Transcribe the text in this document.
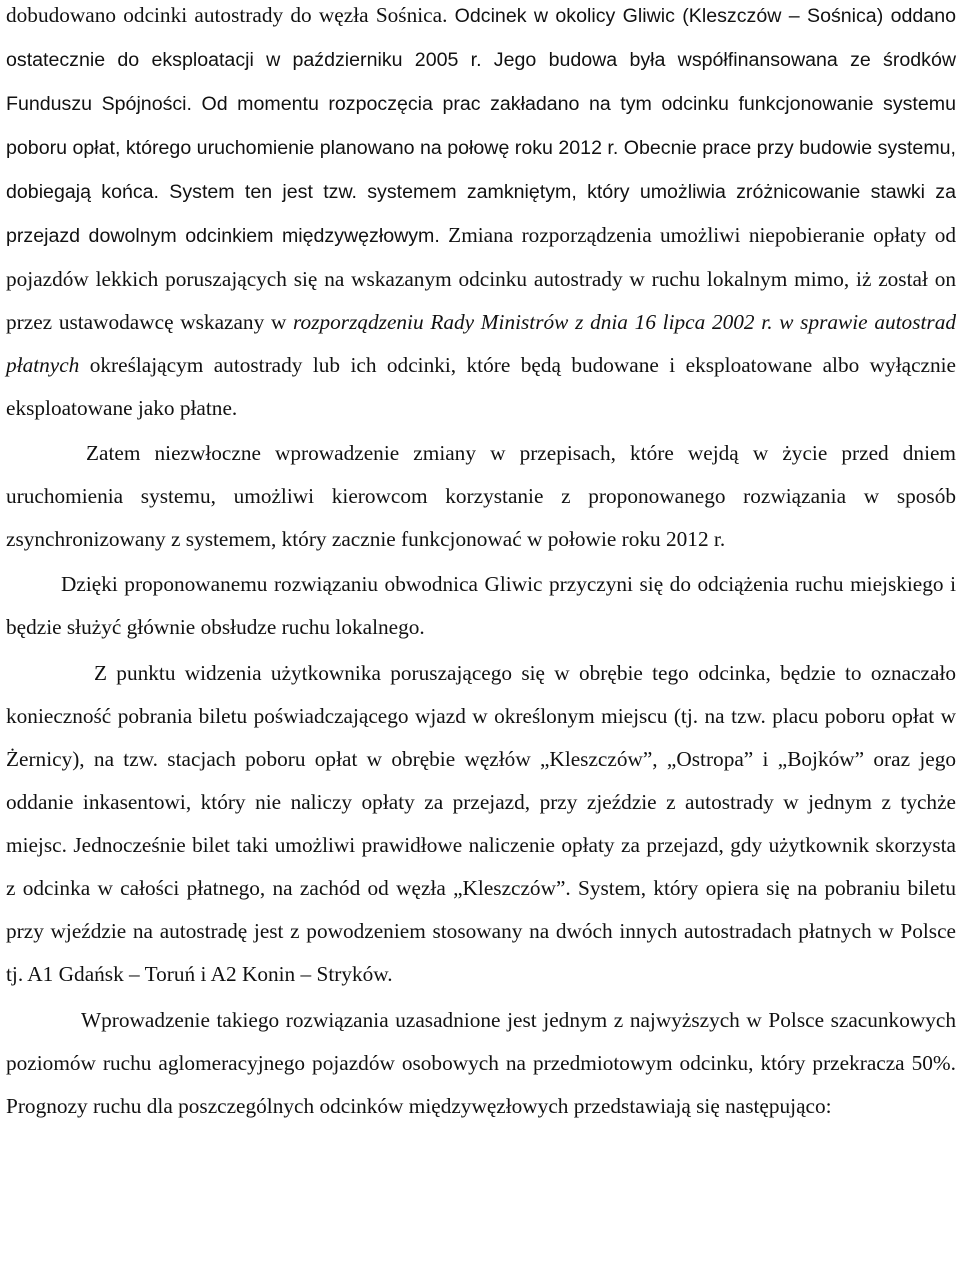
dobudowano odcinki autostrady do węzła Sośnica. Odcinek w okolicy Gliwic (Kleszczów – Sośnica) oddano ostatecznie do eksploatacji w październiku 2005 r. Jego budowa była współfinansowana ze środków Funduszu Spójności. Od momentu rozpoczęcia prac zakładano na tym odcinku funkcjonowanie systemu poboru opłat, którego uruchomienie planowano na połowę roku 2012 r. Obecnie prace przy budowie systemu, dobiegają końca. System ten jest tzw. systemem zamkniętym, który umożliwia zróżnicowanie stawki za przejazd dowolnym odcinkiem międzywęzłowym. Zmiana rozporządzenia umożliwi niepobieranie opłaty od pojazdów lekkich poruszających się na wskazanym odcinku autostrady w ruchu lokalnym mimo, iż został on przez ustawodawcę wskazany w rozporządzeniu Rady Ministrów z dnia 16 lipca 2002 r. w sprawie autostrad płatnych określającym autostrady lub ich odcinki, które będą budowane i eksploatowane albo wyłącznie eksploatowane jako płatne.

Zatem niezwłoczne wprowadzenie zmiany w przepisach, które wejdą w życie przed dniem uruchomienia systemu, umożliwi kierowcom korzystanie z proponowanego rozwiązania w sposób zsynchronizowany z systemem, który zacznie funkcjonować w połowie roku 2012 r.

Dzięki proponowanemu rozwiązaniu obwodnica Gliwic przyczyni się do odciążenia ruchu miejskiego i będzie służyć głównie obsłudze ruchu lokalnego.

Z punktu widzenia użytkownika poruszającego się w obrębie tego odcinka, będzie to oznaczało konieczność pobrania biletu poświadczającego wjazd w określonym miejscu (tj. na tzw. placu poboru opłat w Żernicy), na tzw. stacjach poboru opłat w obrębie węzłów „Kleszczów”, „Ostropa” i „Bojków” oraz jego oddanie inkasentowi, który nie naliczy opłaty za przejazd, przy zjeździe z autostrady w jednym z tychże miejsc. Jednocześnie bilet taki umożliwi prawidłowe naliczenie opłaty za przejazd, gdy użytkownik skorzysta z odcinka w całości płatnego, na zachód od węzła „Kleszczów”. System, który opiera się na pobraniu biletu przy wjeździe na autostradę jest z powodzeniem stosowany na dwóch innych autostradach płatnych w Polsce tj. A1 Gdańsk – Toruń i A2 Konin – Stryków.

Wprowadzenie takiego rozwiązania uzasadnione jest jednym z najwyższych w Polsce szacunkowych poziomów ruchu aglomeracyjnego pojazdów osobowych na przedmiotowym odcinku, który przekracza 50%. Prognozy ruchu dla poszczególnych odcinków międzywęzłowych przedstawiają się następująco:
